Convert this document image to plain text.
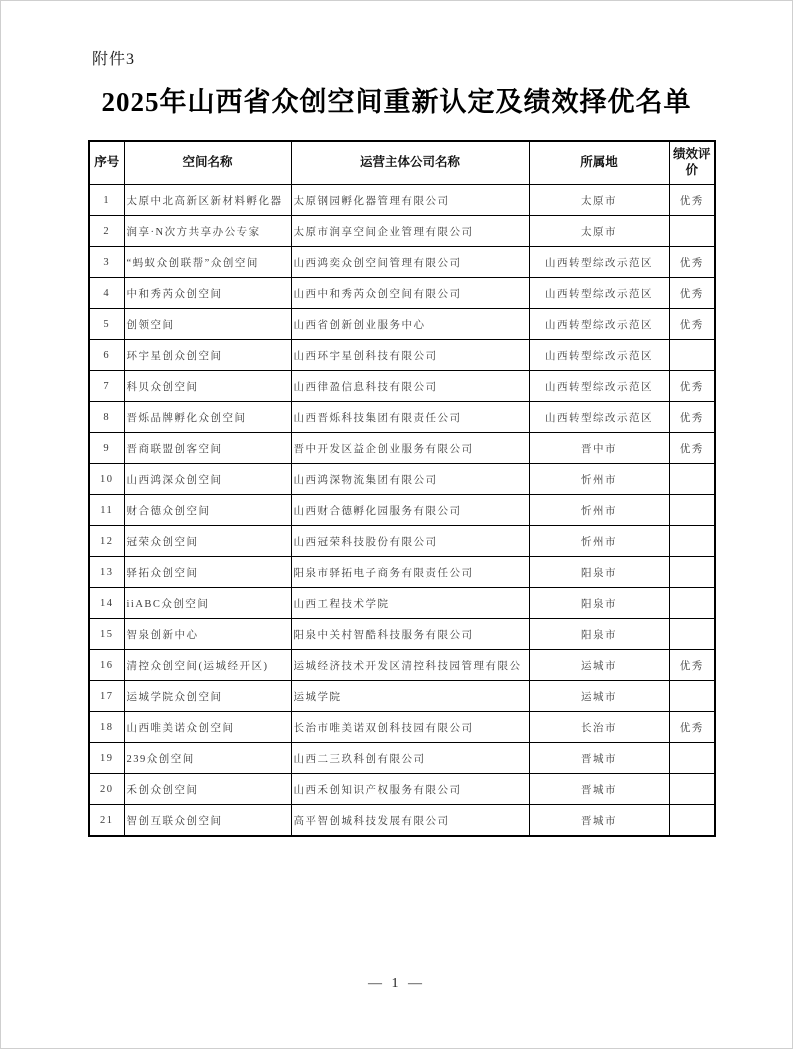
附件3
2025年山西省众创空间重新认定及绩效择优名单
序号	空间名称	运营主体公司名称	所属地	绩效评价
1	太原中北高新区新材料孵化器	太原钢园孵化器管理有限公司	太原市	优秀
2	润享·N次方共享办公专家	太原市润享空间企业管理有限公司	太原市	
3	“蚂蚁众创联帮”众创空间	山西鸿奕众创空间管理有限公司	山西转型综改示范区	优秀
4	中和秀芮众创空间	山西中和秀芮众创空间有限公司	山西转型综改示范区	优秀
5	创领空间	山西省创新创业服务中心	山西转型综改示范区	优秀
6	环宇星创众创空间	山西环宇星创科技有限公司	山西转型综改示范区	
7	科贝众创空间	山西律盈信息科技有限公司	山西转型综改示范区	优秀
8	晋烁品牌孵化众创空间	山西晋烁科技集团有限责任公司	山西转型综改示范区	优秀
9	晋商联盟创客空间	晋中开发区益企创业服务有限公司	晋中市	优秀
10	山西鸿深众创空间	山西鸿深物流集团有限公司	忻州市	
11	财合德众创空间	山西财合德孵化园服务有限公司	忻州市	
12	冠荣众创空间	山西冠荣科技股份有限公司	忻州市	
13	驿拓众创空间	阳泉市驿拓电子商务有限责任公司	阳泉市	
14	iiABC众创空间	山西工程技术学院	阳泉市	
15	智泉创新中心	阳泉中关村智酷科技服务有限公司	阳泉市	
16	清控众创空间(运城经开区)	运城经济技术开发区清控科技园管理有限公	运城市	优秀
17	运城学院众创空间	运城学院	运城市	
18	山西唯美诺众创空间	长治市唯美诺双创科技园有限公司	长治市	优秀
19	239众创空间	山西二三玖科创有限公司	晋城市	
20	禾创众创空间	山西禾创知识产权服务有限公司	晋城市	
21	智创互联众创空间	高平智创城科技发展有限公司	晋城市	
— 1 —
